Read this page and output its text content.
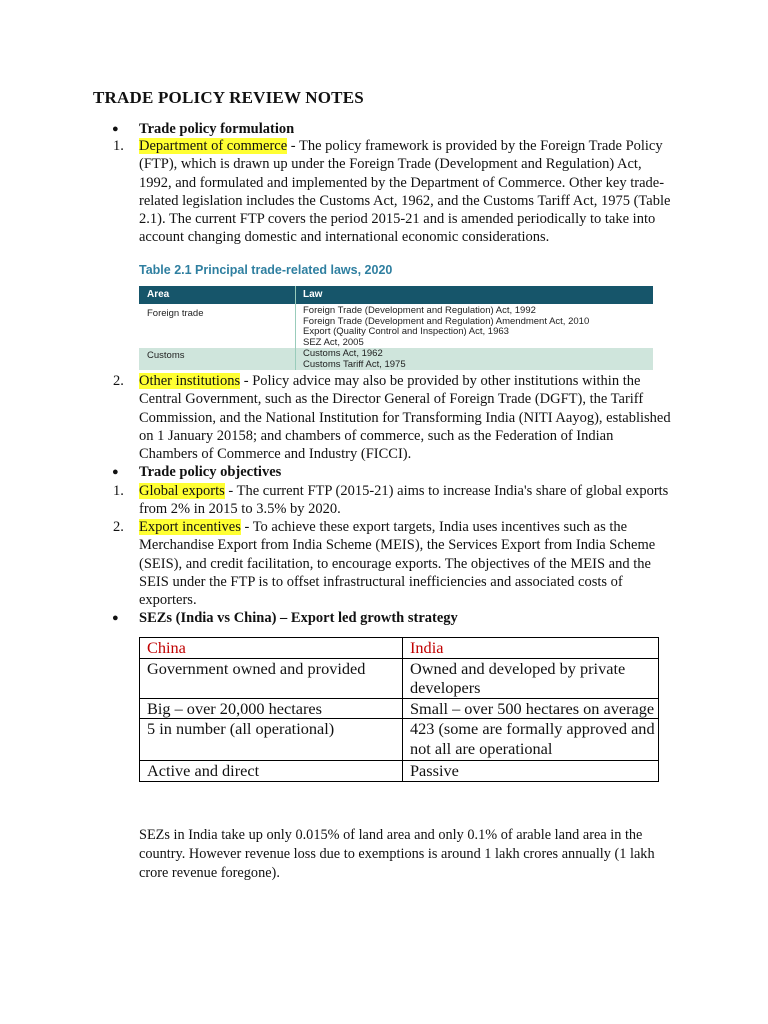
TRADE POLICY REVIEW NOTES
● Trade policy formulation
1. Department of commerce - The policy framework is provided by the Foreign Trade Policy (FTP), which is drawn up under the Foreign Trade (Development and Regulation) Act, 1992, and formulated and implemented by the Department of Commerce. Other key trade-related legislation includes the Customs Act, 1962, and the Customs Tariff Act, 1975 (Table 2.1). The current FTP covers the period 2015-21 and is amended periodically to take into account changing domestic and international economic considerations.
Table 2.1 Principal trade-related laws, 2020
Area	Law
Foreign trade	Foreign Trade (Development and Regulation) Act, 1992
Foreign Trade (Development and Regulation) Amendment Act, 2010
Export (Quality Control and Inspection) Act, 1963
SEZ Act, 2005
Customs	Customs Act, 1962
Customs Tariff Act, 1975
2. Other institutions - Policy advice may also be provided by other institutions within the Central Government, such as the Director General of Foreign Trade (DGFT), the Tariff Commission, and the National Institution for Transforming India (NITI Aayog), established on 1 January 20158; and chambers of commerce, such as the Federation of Indian Chambers of Commerce and Industry (FICCI).
● Trade policy objectives
1. Global exports - The current FTP (2015-21) aims to increase India's share of global exports from 2% in 2015 to 3.5% by 2020.
2. Export incentives - To achieve these export targets, India uses incentives such as the Merchandise Export from India Scheme (MEIS), the Services Export from India Scheme (SEIS), and credit facilitation, to encourage exports. The objectives of the MEIS and the SEIS under the FTP is to offset infrastructural inefficiencies and associated costs of exporters.
● SEZs (India vs China) – Export led growth strategy
China	India
Government owned and provided	Owned and developed by private developers
Big – over 20,000 hectares	Small – over 500 hectares on average
5 in number (all operational)	423 (some are formally approved and not all are operational
Active and direct	Passive
SEZs in India take up only 0.015% of land area and only 0.1% of arable land area in the country. However revenue loss due to exemptions is around 1 lakh crores annually (1 lakh crore revenue foregone).
